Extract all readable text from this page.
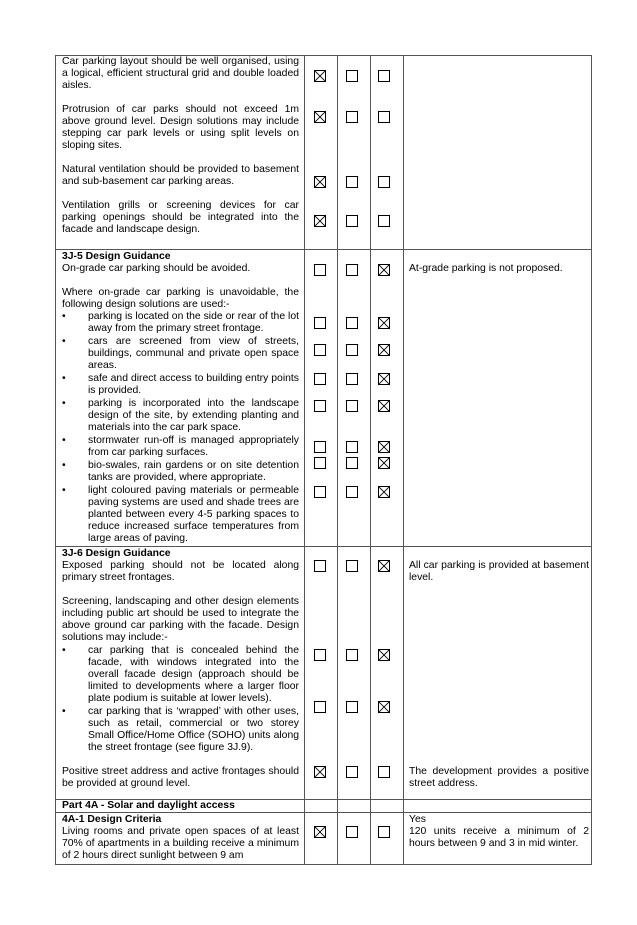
Car parking layout should be well organised, using a logical, efficient structural grid and double loaded aisles.
Protrusion of car parks should not exceed 1m above ground level. Design solutions may include stepping car park levels or using split levels on sloping sites.
Natural ventilation should be provided to basement and sub-basement car parking areas.
Ventilation grills or screening devices for car parking openings should be integrated into the facade and landscape design.
3J-5 Design Guidance
On-grade car parking should be avoided.	At-grade parking is not proposed.
Where on-grade car parking is unavoidable, the following design solutions are used:-
• parking is located on the side or rear of the lot away from the primary street frontage.
• cars are screened from view of streets, buildings, communal and private open space areas.
• safe and direct access to building entry points is provided.
• parking is incorporated into the landscape design of the site, by extending planting and materials into the car park space.
• stormwater run-off is managed appropriately from car parking surfaces.
• bio-swales, rain gardens or on site detention tanks are provided, where appropriate.
• light coloured paving materials or permeable paving systems are used and shade trees are planted between every 4-5 parking spaces to reduce increased surface temperatures from large areas of paving.
3J-6 Design Guidance
Exposed parking should not be located along primary street frontages.
All car parking is provided at basement level.
Screening, landscaping and other design elements including public art should be used to integrate the above ground car parking with the facade. Design solutions may include:-
• car parking that is concealed behind the facade, with windows integrated into the overall facade design (approach should be limited to developments where a larger floor plate podium is suitable at lower levels).
• car parking that is ‘wrapped’ with other uses, such as retail, commercial or two storey Small Office/Home Office (SOHO) units along the street frontage (see figure 3J.9).
Positive street address and active frontages should be provided at ground level.
The development provides a positive street address.
Part 4A - Solar and daylight access
4A-1 Design Criteria
Living rooms and private open spaces of at least 70% of apartments in a building receive a minimum of 2 hours direct sunlight between 9 am
Yes
120 units receive a minimum of 2 hours between 9 and 3 in mid winter.
